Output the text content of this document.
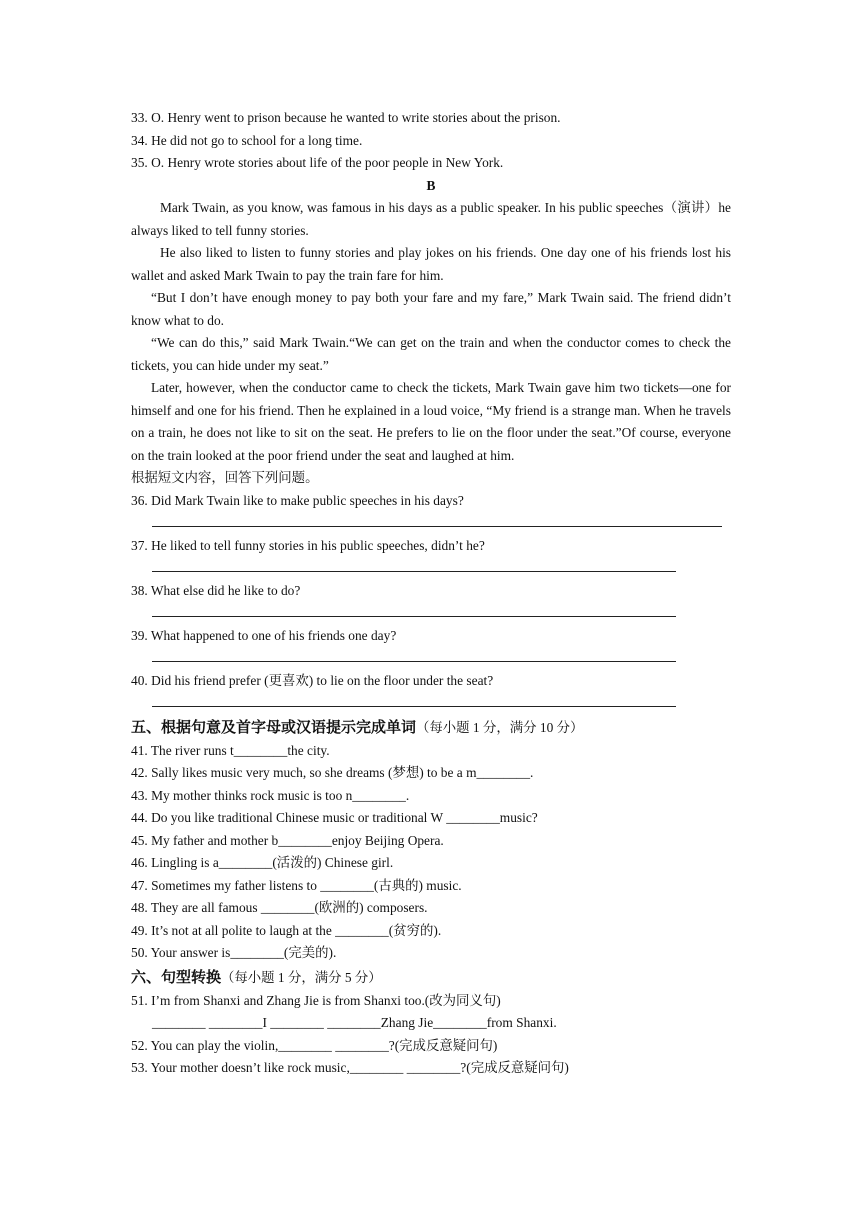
33. O. Henry went to prison because he wanted to write stories about the prison.
34. He did not go to school for a long time.
35. O. Henry wrote stories about life of the poor people in New York.
B
Mark Twain, as you know, was famous in his days as a public speaker. In his public speeches（演讲）he always liked to tell funny stories.
He also liked to listen to funny stories and play jokes on his friends. One day one of his friends lost his wallet and asked Mark Twain to pay the train fare for him.
“But I don’t have enough money to pay both your fare and my fare,” Mark Twain said. The friend didn’t know what to do.
“We can do this,” said Mark Twain.“We can get on the train and when the conductor comes to check the tickets, you can hide under my seat.”
Later, however, when the conductor came to check the tickets, Mark Twain gave him two tickets—one for himself and one for his friend. Then he explained in a loud voice, “My friend is a strange man. When he travels on a train, he does not like to sit on the seat. He prefers to lie on the floor under the seat.”Of course, everyone on the train looked at the poor friend under the seat and laughed at him.
根据短文内容，回答下列问题。
36. Did Mark Twain like to make public speeches in his days?
37. He liked to tell funny stories in his public speeches, didn’t he?
38. What else did he like to do?
39. What happened to one of his friends one day?
40. Did his friend prefer (更喜欢) to lie on the floor under the seat?
五、根据句意及首字母或汉语提示完成单词（每小题 1 分，满分 10 分）
41. The river runs t________the city.
42. Sally likes music very much, so she dreams (梦想) to be a m________.
43. My mother thinks rock music is too n________.
44. Do you like traditional Chinese music or traditional W ________music?
45. My father and mother b________enjoy Beijing Opera.
46. Lingling is a________(活泼的) Chinese girl.
47. Sometimes my father listens to ________(古典的) music.
48. They are all famous ________(欧洲的) composers.
49. It’s not at all polite to laugh at the ________(贫穷的).
50. Your answer is________(完美的).
六、句型转换（每小题 1 分，满分 5 分）
51. I’m from Shanxi and Zhang Jie is from Shanxi too.(改为同义句)
________ ________I ________ ________Zhang Jie________from Shanxi.
52. You can play the violin,________ ________?(完成反意疑问句)
53. Your mother doesn’t like rock music,________ ________?(完成反意疑问句)
